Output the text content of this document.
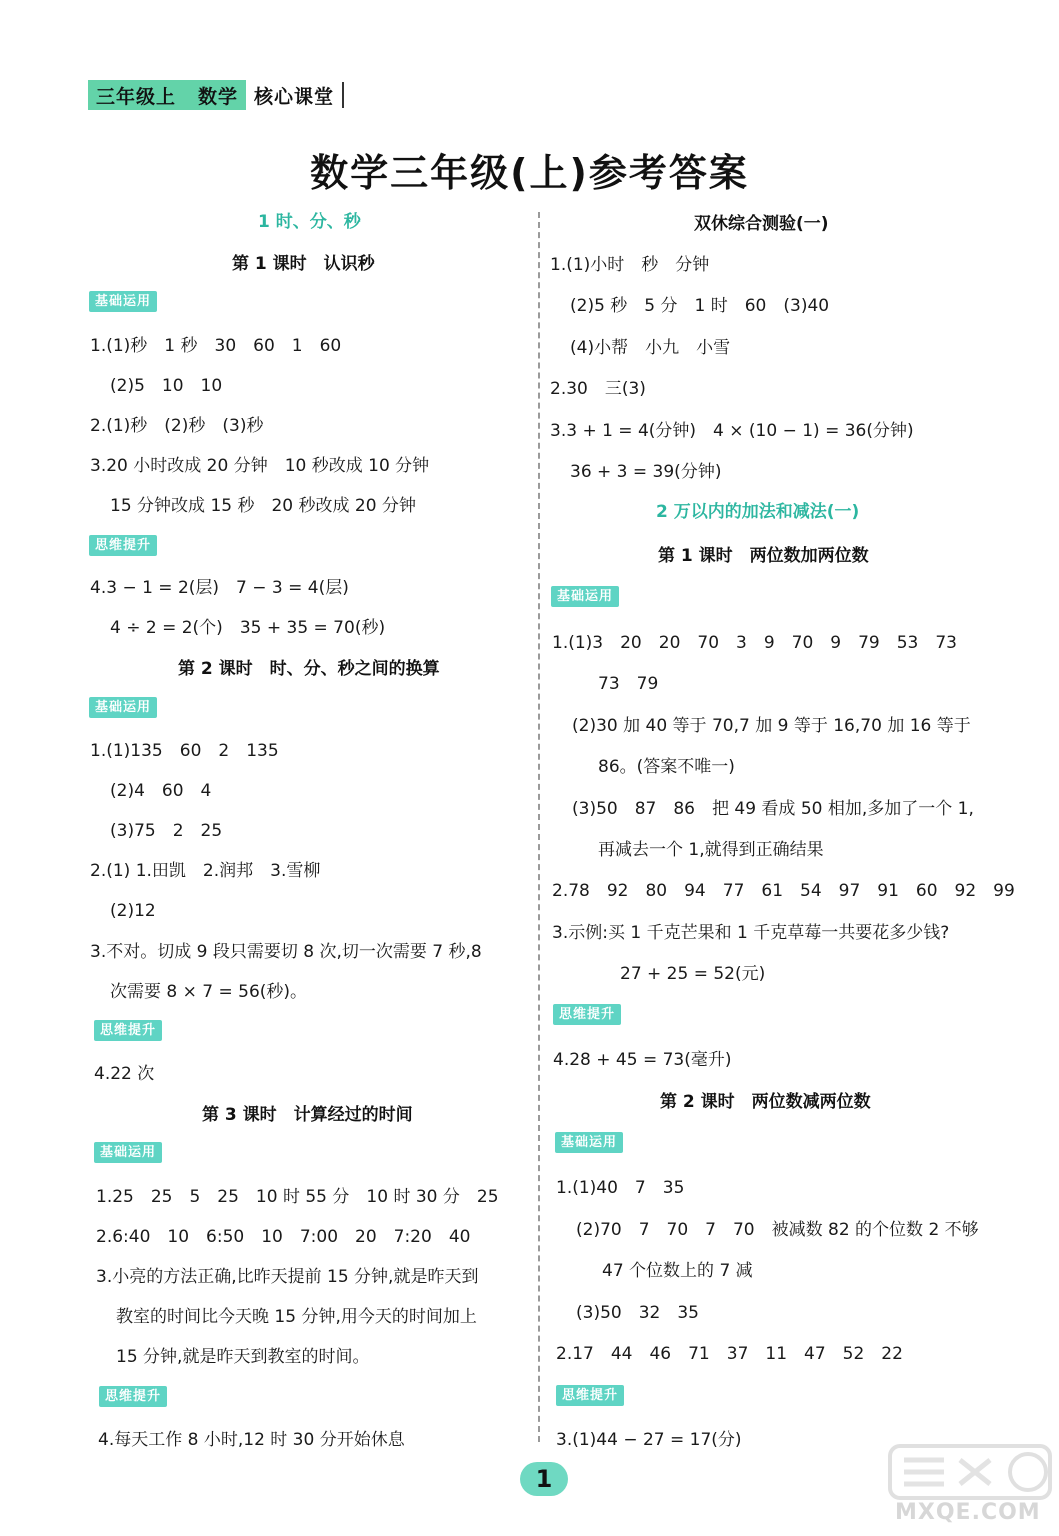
三年级上 数学 核心课堂
数学三年级(上)参考答案
1 时、分、秒
第 1 课时　认识秒
基础运用
1.(1)秒　1 秒　30　60　1　60
(2)5　10　10
2.(1)秒　(2)秒　(3)秒
3.20 小时改成 20 分钟　10 秒改成 10 分钟
15 分钟改成 15 秒　20 秒改成 20 分钟
思维提升
4.3 − 1 = 2(层)　7 − 3 = 4(层)
4 ÷ 2 = 2(个)　35 + 35 = 70(秒)
第 2 课时　时、分、秒之间的换算
基础运用
1.(1)135　60　2　135
(2)4　60　4
(3)75　2　25
2.(1) 1.田凯　2.润邦　3.雪柳
(2)12
3.不对。切成 9 段只需要切 8 次,切一次需要 7 秒,8
次需要 8 × 7 = 56(秒)。
思维提升
4.22 次
第 3 课时　计算经过的时间
基础运用
1.25　25　5　25　10 时 55 分　10 时 30 分　25
2.6:40　10　6:50　10　7:00　20　7:20　40
3.小亮的方法正确,比昨天提前 15 分钟,就是昨天到
教室的时间比今天晚 15 分钟,用今天的时间加上
15 分钟,就是昨天到教室的时间。
思维提升
4.每天工作 8 小时,12 时 30 分开始休息
双休综合测验(一)
1.(1)小时　秒　分钟
(2)5 秒　5 分　1 时　60　(3)40
(4)小帮　小九　小雪
2.30　三(3)
3.3 + 1 = 4(分钟)　4 × (10 − 1) = 36(分钟)
36 + 3 = 39(分钟)
2 万以内的加法和减法(一)
第 1 课时　两位数加两位数
基础运用
1.(1)3　20　20　70　3　9　70　9　79　53　73
73　79
(2)30 加 40 等于 70,7 加 9 等于 16,70 加 16 等于
86。(答案不唯一)
(3)50　87　86　把 49 看成 50 相加,多加了一个 1,
再减去一个 1,就得到正确结果
2.78　92　80　94　77　61　54　97　91　60　92　99
3.示例:买 1 千克芒果和 1 千克草莓一共要花多少钱?
27 + 25 = 52(元)
思维提升
4.28 + 45 = 73(毫升)
第 2 课时　两位数减两位数
基础运用
1.(1)40　7　35
(2)70　7　70　7　70　被减数 82 的个位数 2 不够
47 个位数上的 7 减
(3)50　32　35
2.17　44　46　71　37　11　47　52　22
思维提升
3.(1)44 − 27 = 17(分)
1
MXQE.COM
